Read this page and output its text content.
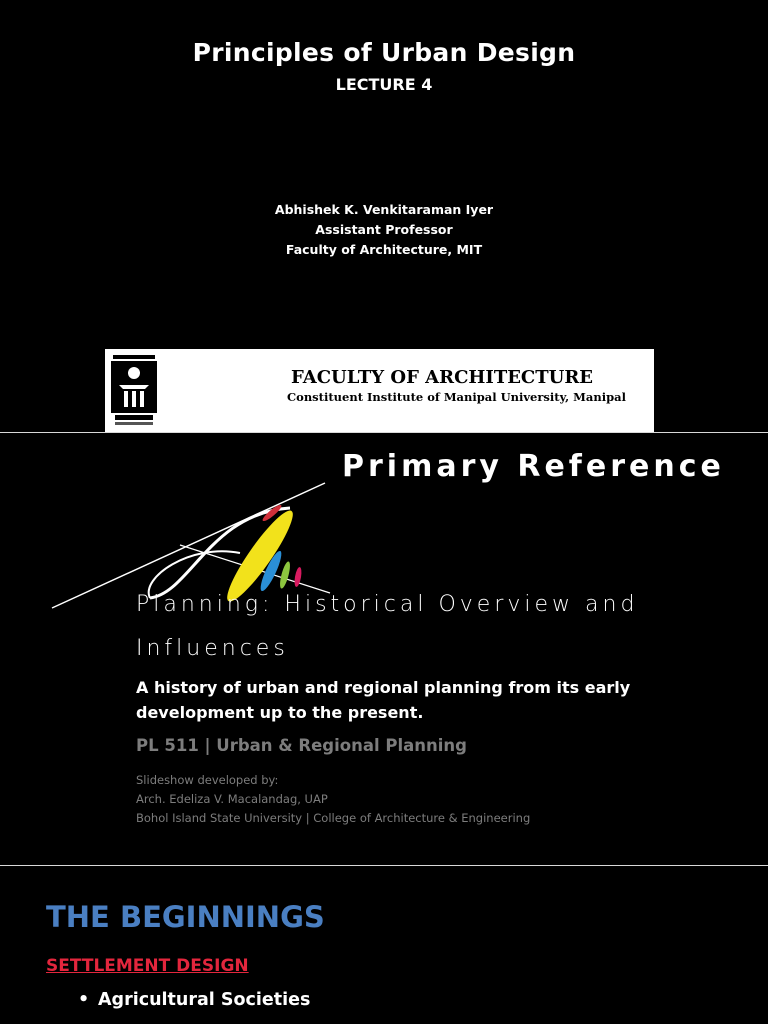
Principles of Urban Design
LECTURE 4
Abhishek K. Venkitaraman Iyer
Assistant Professor
Faculty of Architecture, MIT
FACULTY OF ARCHITECTURE
Constituent Institute of Manipal University, Manipal
Primary Reference
Planning: Historical Overview and Influences
A history of urban and regional planning from its early development up to the present.
PL 511 | Urban & Regional Planning
Slideshow developed by:
Arch. Edeliza V. Macalandag, UAP
Bohol Island State University | College of Architecture & Engineering
THE BEGINNINGS
SETTLEMENT DESIGN
• Agricultural Societies
